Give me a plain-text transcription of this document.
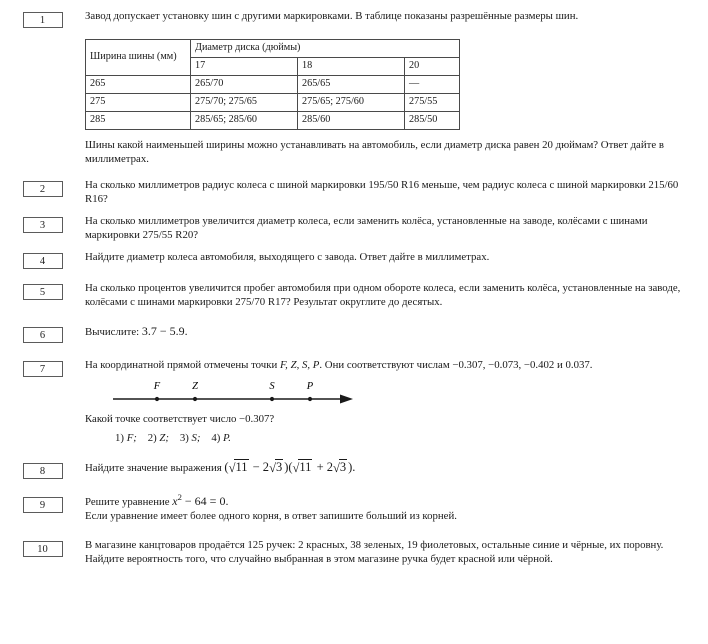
1	Завод допускает установку шин с другими маркировками. В таблице показаны разрешённые размеры шин.

Ширина шины (мм)	Диаметр диска (дюймы)		
	17	18	20
265	265/70	265/65	—
275	275/70; 275/65	275/65; 275/60	275/55
285	285/65; 285/60	285/60	285/50

Шины какой наименьшей ширины можно устанавливать на автомобиль, если диаметр диска равен 20 дюймам? Ответ дайте в миллиметрах.

2	На сколько миллиметров радиус колеса с шиной маркировки 195/50 R16 меньше, чем радиус колеса с шиной маркировки 215/60 R16?
3	На сколько миллиметров увеличится диаметр колеса, если заменить колёса, установленные на заводе, колёсами с шинами маркировки 275/55 R20?
4	Найдите диаметр колеса автомобиля, выходящего с завода. Ответ дайте в миллиметрах.
5	На сколько процентов увеличится пробег автомобиля при одном обороте колеса, если заменить колёса, установленные на заводе, колёсами с шинами маркировки 275/70 R17? Результат округлите до десятых.
6	Вычислите: 3.7 − 5.9.
7	На координатной прямой отмечены точки F, Z, S, P. Они соответствуют числам −0.307, −0.073, −0.402 и 0.037.

F	Z	S	P

Какой точке соответствует число −0.307?

1) F; 2) Z; 3) S; 4) P.
8	Найдите значение выражения (√11 − 2√3 )(√11 + 2√3 ).
9	Решите уравнение $x^2 - 64 = 0$.

Если уравнение имеет более одного корня, в ответ запишите больший из корней.

10	В магазине канцтоваров продаётся 125 ручек: 2 красных, 38 зеленых, 19 фиолетовых, остальные синие и чёрные, их поровну.

Найдите вероятность того, что случайно выбранная в этом магазине ручка будет красной или чёрной.
